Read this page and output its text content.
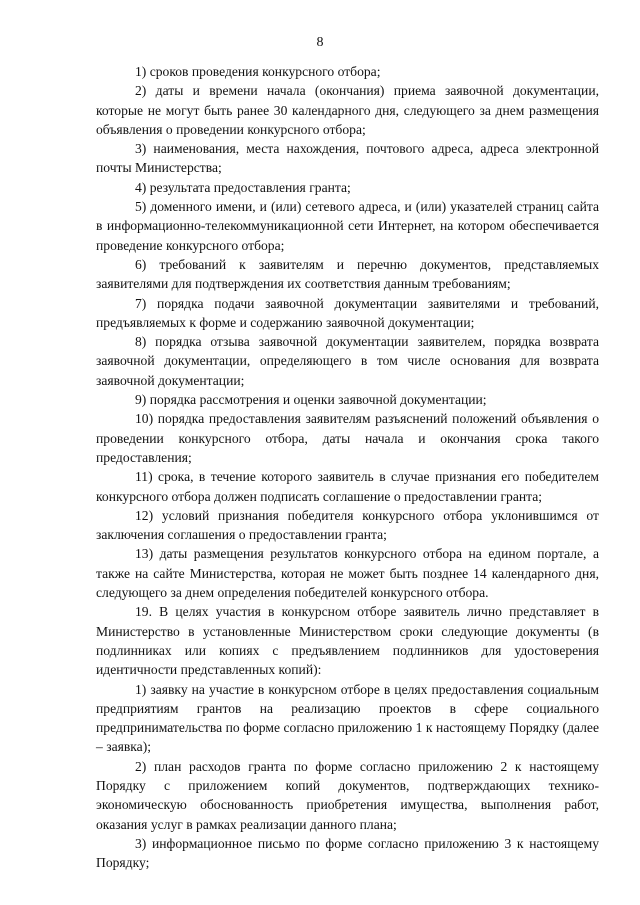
8

1) сроков проведения конкурсного отбора;

2) даты и времени начала (окончания) приема заявочной документации, которые не могут быть ранее 30 календарного дня, следующего за днем размещения объявления о проведении конкурсного отбора;

3) наименования, места нахождения, почтового адреса, адреса электронной почты Министерства;

4) результата предоставления гранта;

5) доменного имени, и (или) сетевого адреса, и (или) указателей страниц сайта в информационно-телекоммуникационной сети Интернет, на котором обеспечивается проведение конкурсного отбора;

6) требований к заявителям и перечню документов, представляемых заявителями для подтверждения их соответствия данным требованиям;

7) порядка подачи заявочной документации заявителями и требований, предъявляемых к форме и содержанию заявочной документации;

8) порядка отзыва заявочной документации заявителем, порядка возврата заявочной документации, определяющего в том числе основания для возврата заявочной документации;

9) порядка рассмотрения и оценки заявочной документации;

10) порядка предоставления заявителям разъяснений положений объявления о проведении конкурсного отбора, даты начала и окончания срока такого предоставления;

11) срока, в течение которого заявитель в случае признания его победителем конкурсного отбора должен подписать соглашение о предоставлении гранта;

12) условий признания победителя конкурсного отбора уклонившимся от заключения соглашения о предоставлении гранта;

13) даты размещения результатов конкурсного отбора на едином портале, а также на сайте Министерства, которая не может быть позднее 14 календарного дня, следующего за днем определения победителей конкурсного отбора.

19. В целях участия в конкурсном отборе заявитель лично представляет в Министерство в установленные Министерством сроки следующие документы (в подлинниках или копиях с предъявлением подлинников для удостоверения идентичности представленных копий):

1) заявку на участие в конкурсном отборе в целях предоставления социальным предприятиям грантов на реализацию проектов в сфере социального предпринимательства по форме согласно приложению 1 к настоящему Порядку (далее – заявка);

2) план расходов гранта по форме согласно приложению 2 к настоящему Порядку с приложением копий документов, подтверждающих технико-экономическую обоснованность приобретения имущества, выполнения работ, оказания услуг в рамках реализации данного плана;

3) информационное письмо по форме согласно приложению 3 к настоящему Порядку;
